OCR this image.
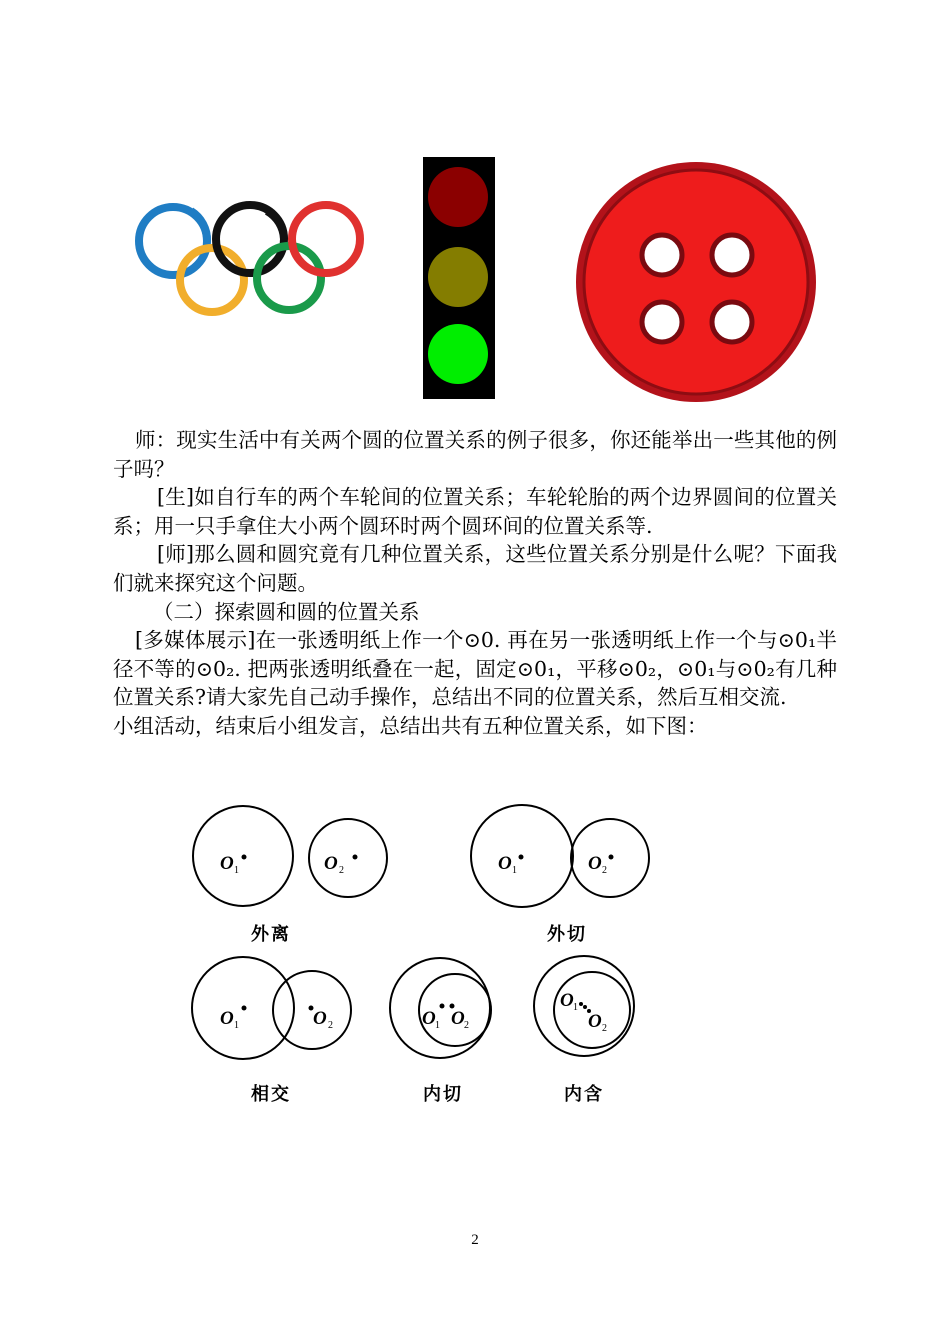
师：现实生活中有关两个圆的位置关系的例子很多，你还能举出一些其他的例子吗？

[生]如自行车的两个车轮间的位置关系；车轮轮胎的两个边界圆间的位置关系；用一只手拿住大小两个圆环时两个圆环间的位置关系等.

[师]那么圆和圆究竟有几种位置关系，这些位置关系分别是什么呢？下面我们就来探究这个问题。

（二）探索圆和圆的位置关系

[多媒体展示]在一张透明纸上作一个⊙0. 再在另一张透明纸上作一个与⊙0₁半径不等的⊙0₂. 把两张透明纸叠在一起，固定⊙0₁，平移⊙0₂，⊙0₁与⊙0₂有几种位置关系?请大家先自己动手操作，总结出不同的位置关系，然后互相交流.

小组活动，结束后小组发言，总结出共有五种位置关系，如下图：

O 1	O 2	O 1	O 2
O 1	O 2	O 1 O 2
O 1
O 2
外离	外切
相交	内切	内含
2
